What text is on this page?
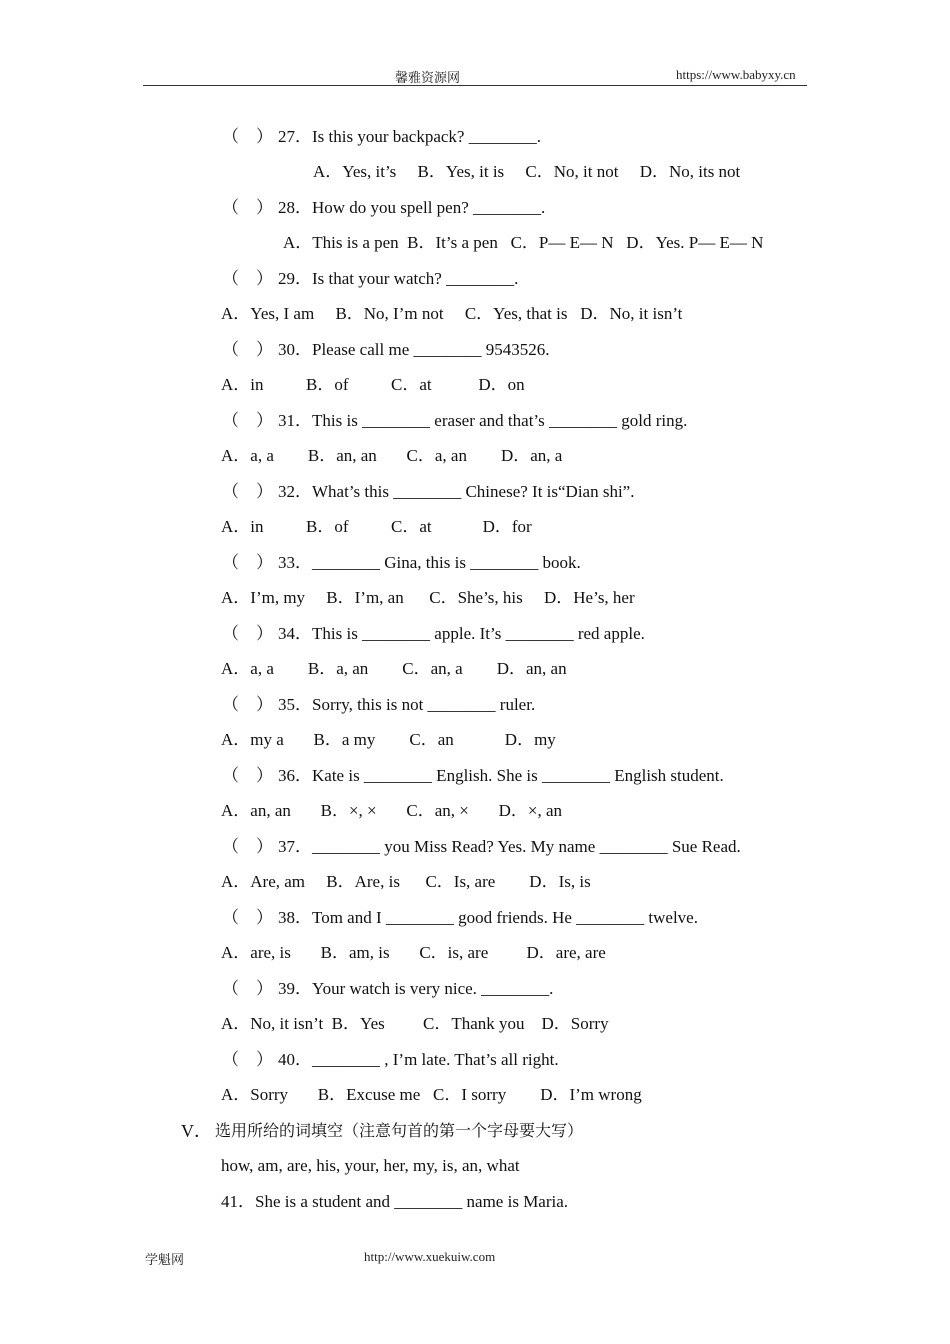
馨雅资源网	https://www.babyxy.cn
（    ） 27．Is this your backpack? ________.
A．Yes, it’s     B．Yes, it is     C．No, it not     D．No, its not
（    ） 28．How do you spell pen? ________.
A．This is a pen  B．It’s a pen   C．P— E— N   D．Yes. P— E— N
（    ） 29．Is that your watch? ________.
A．Yes, I am     B．No, I’m not     C．Yes, that is   D．No, it isn’t
（    ） 30．Please call me ________ 9543526.
A．in          B．of          C．at           D．on
（    ） 31．This is ________ eraser and that’s ________ gold ring.
A．a, a        B．an, an       C．a, an        D．an, a
（    ） 32．What’s this ________ Chinese? It is“Dian shi”.
A．in          B．of          C．at            D．for
（    ） 33．________ Gina, this is ________ book.
A．I’m, my     B．I’m, an      C．She’s, his     D．He’s, her
（    ） 34．This is ________ apple. It’s ________ red apple.
A．a, a        B．a, an        C．an, a        D．an, an
（    ） 35．Sorry, this is not ________ ruler.
A．my a       B．a my        C．an            D．my
（    ） 36．Kate is ________ English. She is ________ English student.
A．an, an       B．×, ×       C．an, ×       D．×, an
（    ） 37．________ you Miss Read? Yes. My name ________ Sue Read.
A．Are, am     B．Are, is      C．Is, are        D．Is, is
（    ） 38．Tom and I ________ good friends. He ________ twelve.
A．are, is       B．am, is       C．is, are         D．are, are
（    ） 39．Your watch is very nice. ________.
A．No, it isn’t  B．Yes         C．Thank you    D．Sorry
（    ） 40．________ , I’m late. That’s all right.
A．Sorry       B．Excuse me   C．I sorry        D．I’m wrong
V． 选用所给的词填空（注意句首的第一个字母要大写）
how, am, are, his, your, her, my, is, an, what
41．She is a student and ________ name is Maria.
学魁网	http://www.xuekuiw.com
